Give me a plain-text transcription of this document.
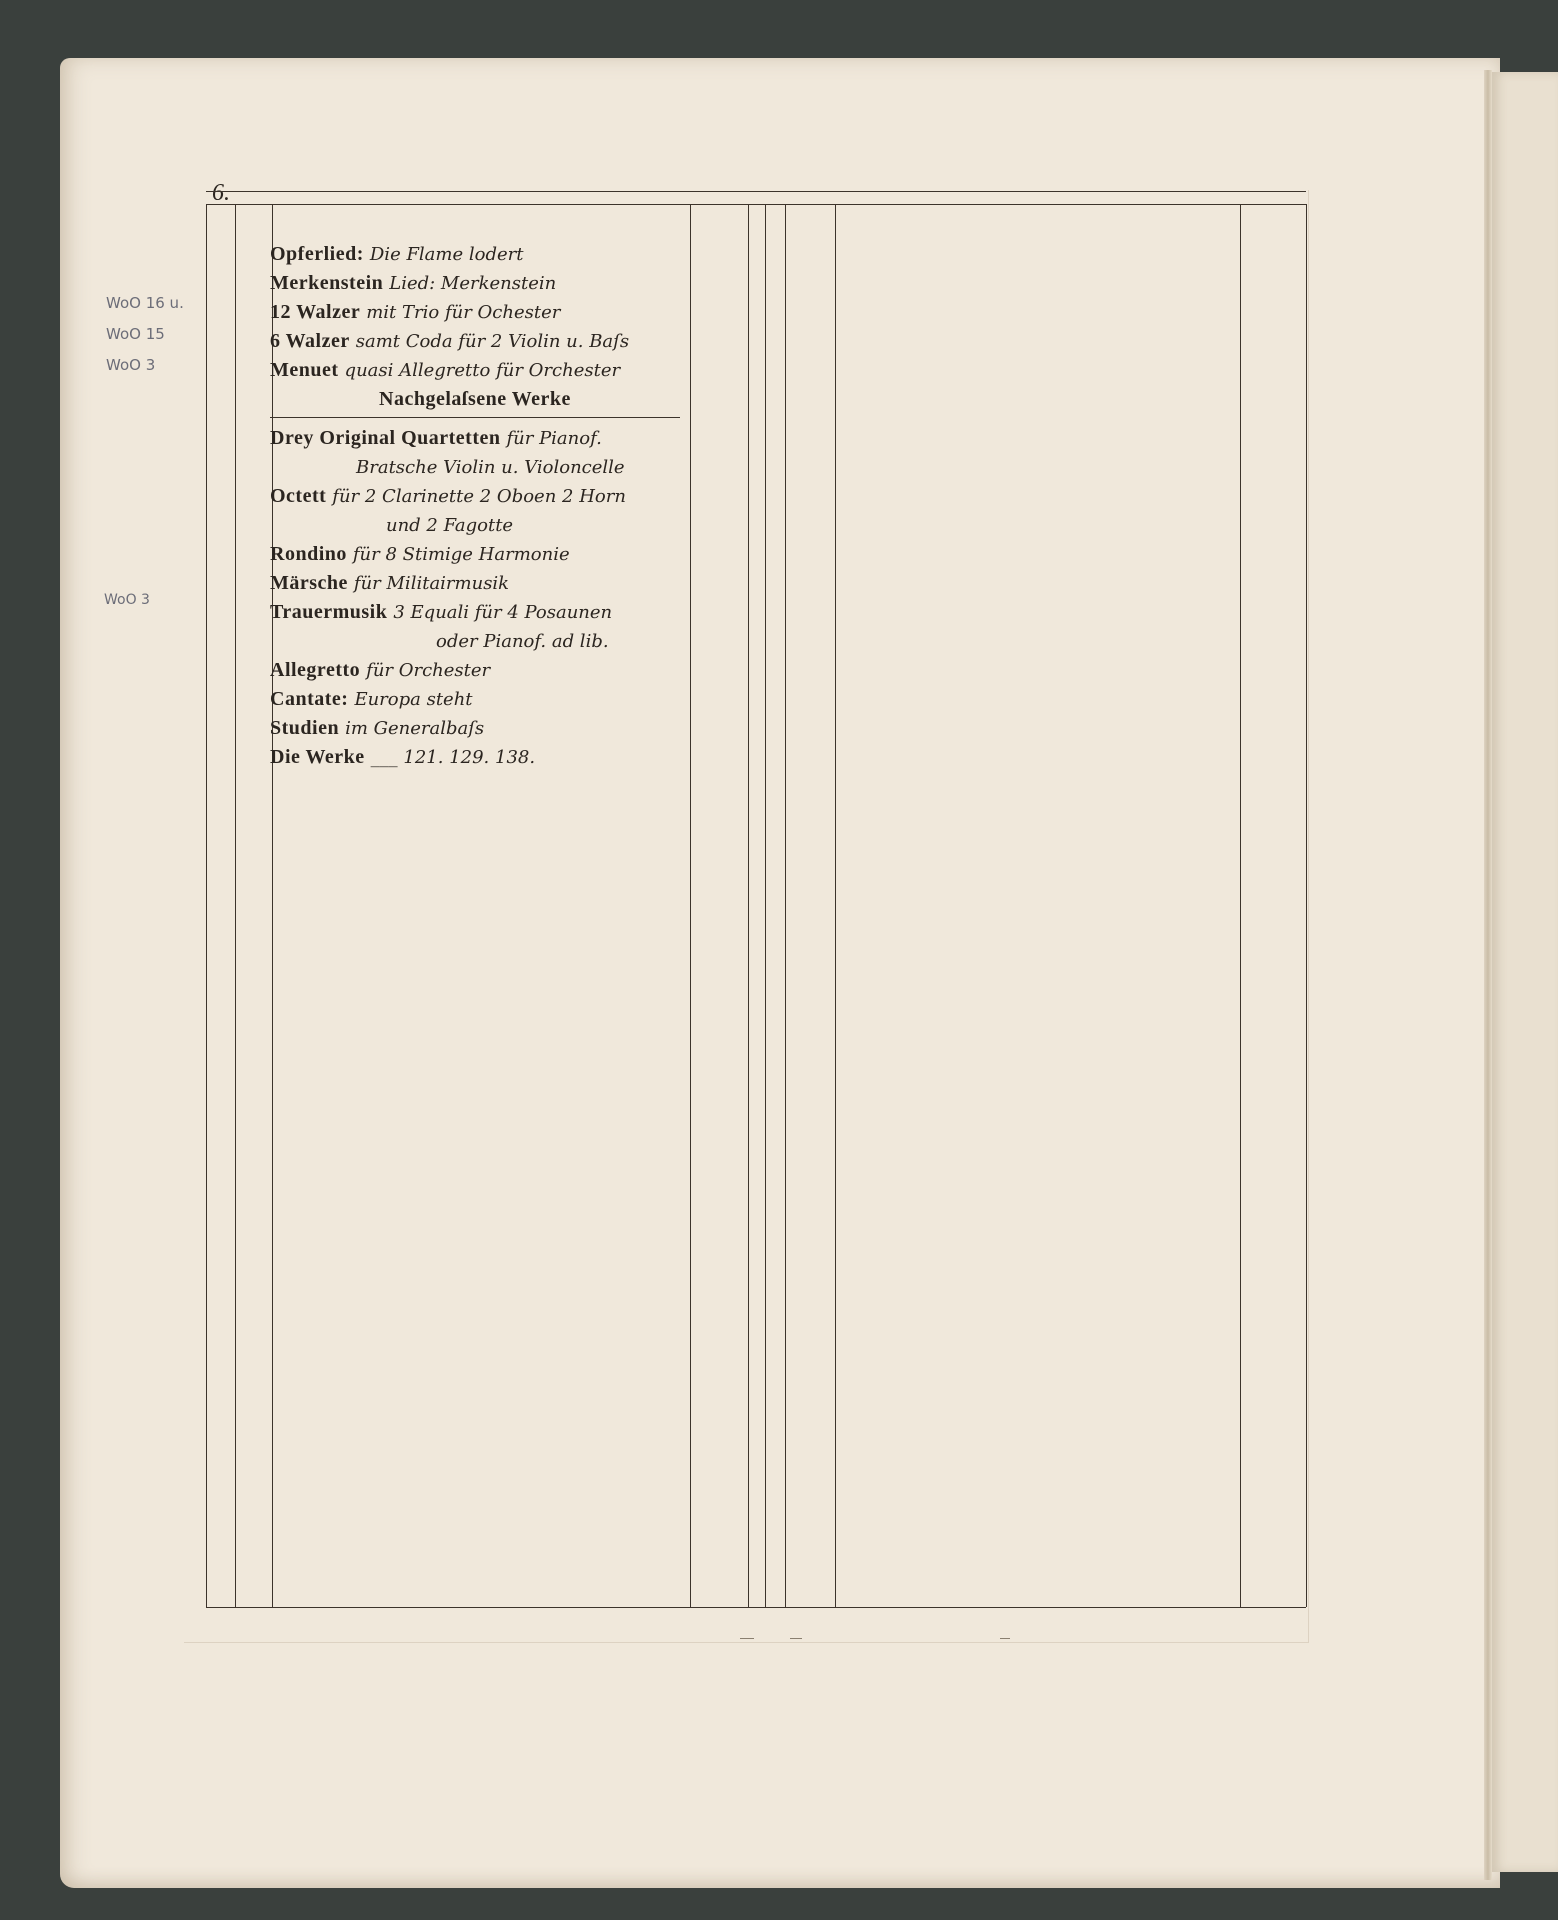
6.
WoO 16 u.
WoO 15
WoO 3
WoO 3
Opferlied: Die Flame lodert
Merkenstein Lied: Merkenstein
12 Walzer mit Trio für Ochester
6 Walzer samt Coda für 2 Violin u. Baſs
Menuet quasi Allegretto für Orchester
Nachgelaſsene Werke
Drey Original Quartetten für Pianof.
Bratsche Violin u. Violoncelle
Octett für 2 Clarinette 2 Oboen 2 Horn
und 2 Fagotte
Rondino für 8 Stimige Harmonie
Märsche für Militairmusik
Trauermusik 3 Equali für 4 Posaunen
oder Pianof. ad lib.
Allegretto für Orchester
Cantate: Europa steht
Studien im Generalbaſs
Die Werke ___ 121. 129. 138.
